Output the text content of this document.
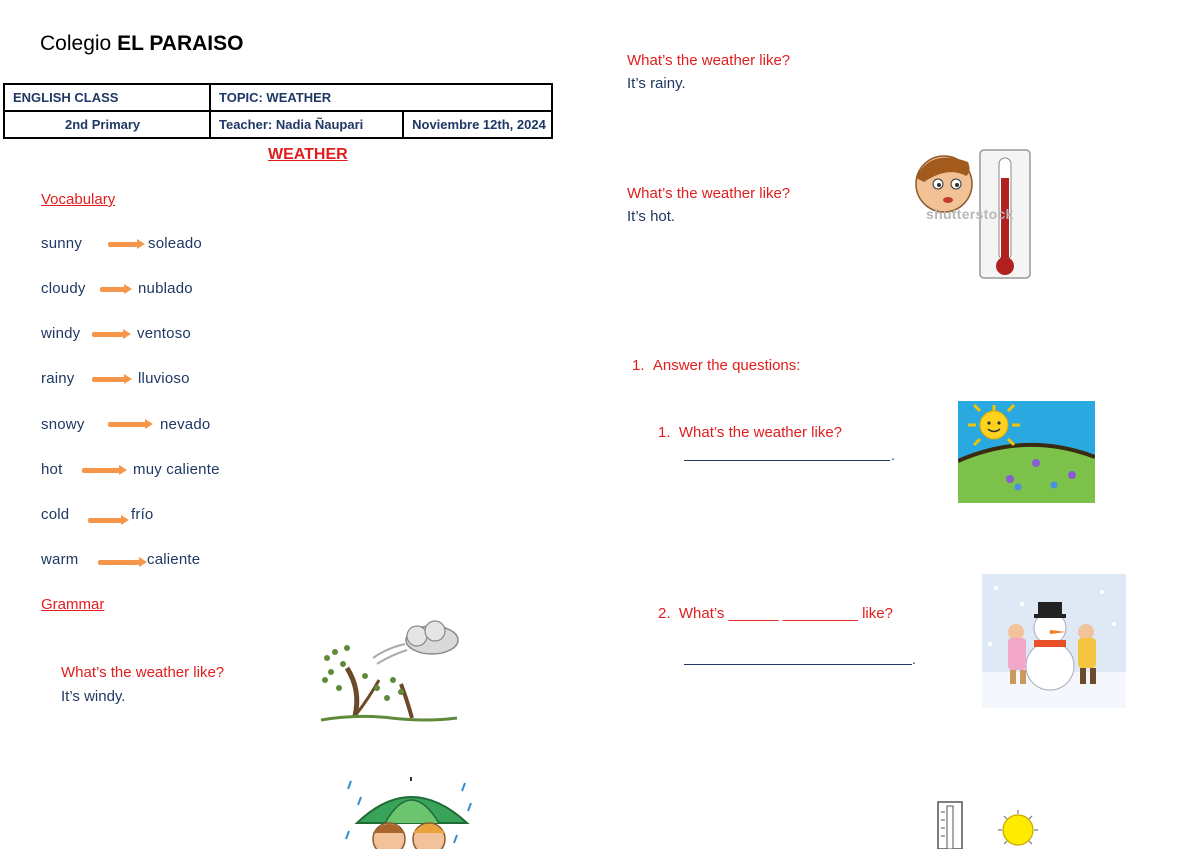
Colegio EL PARAISO
ENGLISH CLASS	TOPIC: WEATHER	
2nd Primary	Teacher: Nadia Ñaupari	Noviembre 12th, 2024
WEATHER
Vocabulary
sunny	soleado
cloudy	nublado
windy	ventoso
rainy	lluvioso
snowy	nevado
hot	muy caliente
cold	frío
warm	caliente
Grammar
What’s the weather like?
It’s windy.
What’s the weather like?
It’s rainy.
What’s the weather like?
It’s hot.	shutterstock
1. Answer the questions:
1. What’s the weather like?
.
2. What’s ______ _________ like?
.
